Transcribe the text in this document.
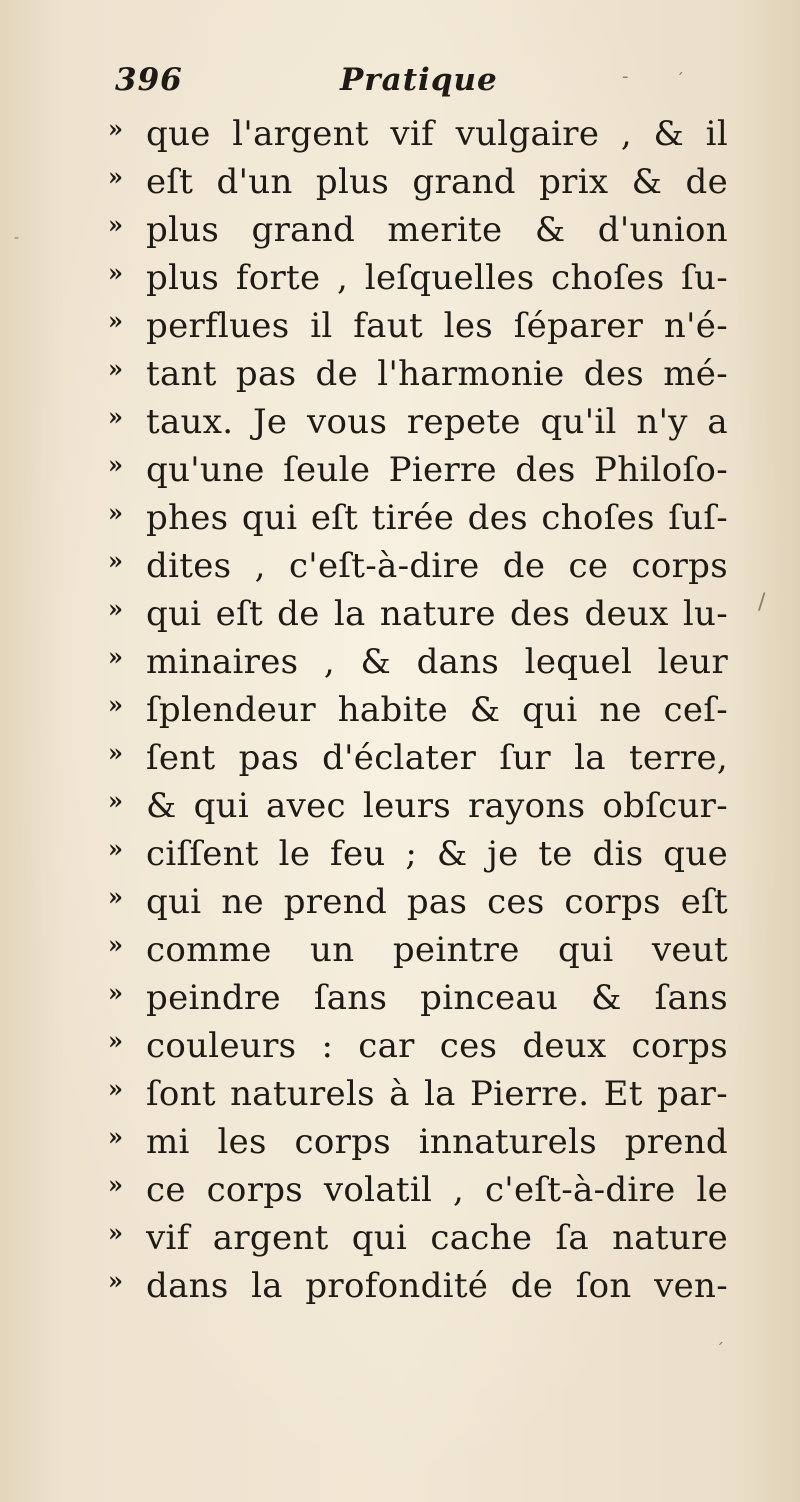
396	Pratique
» que l'argent vif vulgaire , & il
» eſt d'un plus grand prix & de
» plus grand merite & d'union
» plus forte , leſquelles choſes ſu-
» perflues il faut les ſéparer n'é-
» tant pas de l'harmonie des mé-
» taux. Je vous repete qu'il n'y a
» qu'une ſeule Pierre des Philoſo-
» phes qui eſt tirée des choſes ſuſ-
» dites , c'eſt-à-dire de ce corps
» qui eſt de la nature des deux lu-
» minaires , & dans lequel leur
» ſplendeur habite & qui ne ceſ-
» ſent pas d'éclater ſur la terre,
» & qui avec leurs rayons obſcur-
» ciſſent le feu ; & je te dis que
» qui ne prend pas ces corps eſt
» comme un peintre qui veut
» peindre ſans pinceau & ſans
» couleurs : car ces deux corps
» ſont naturels à la Pierre. Et par-
» mi les corps innaturels prend
» ce corps volatil , c'eſt-à-dire le
» vif argent qui cache ſa nature
» dans la profondité de ſon ven-
-	ˊ
/
ˊ
-
